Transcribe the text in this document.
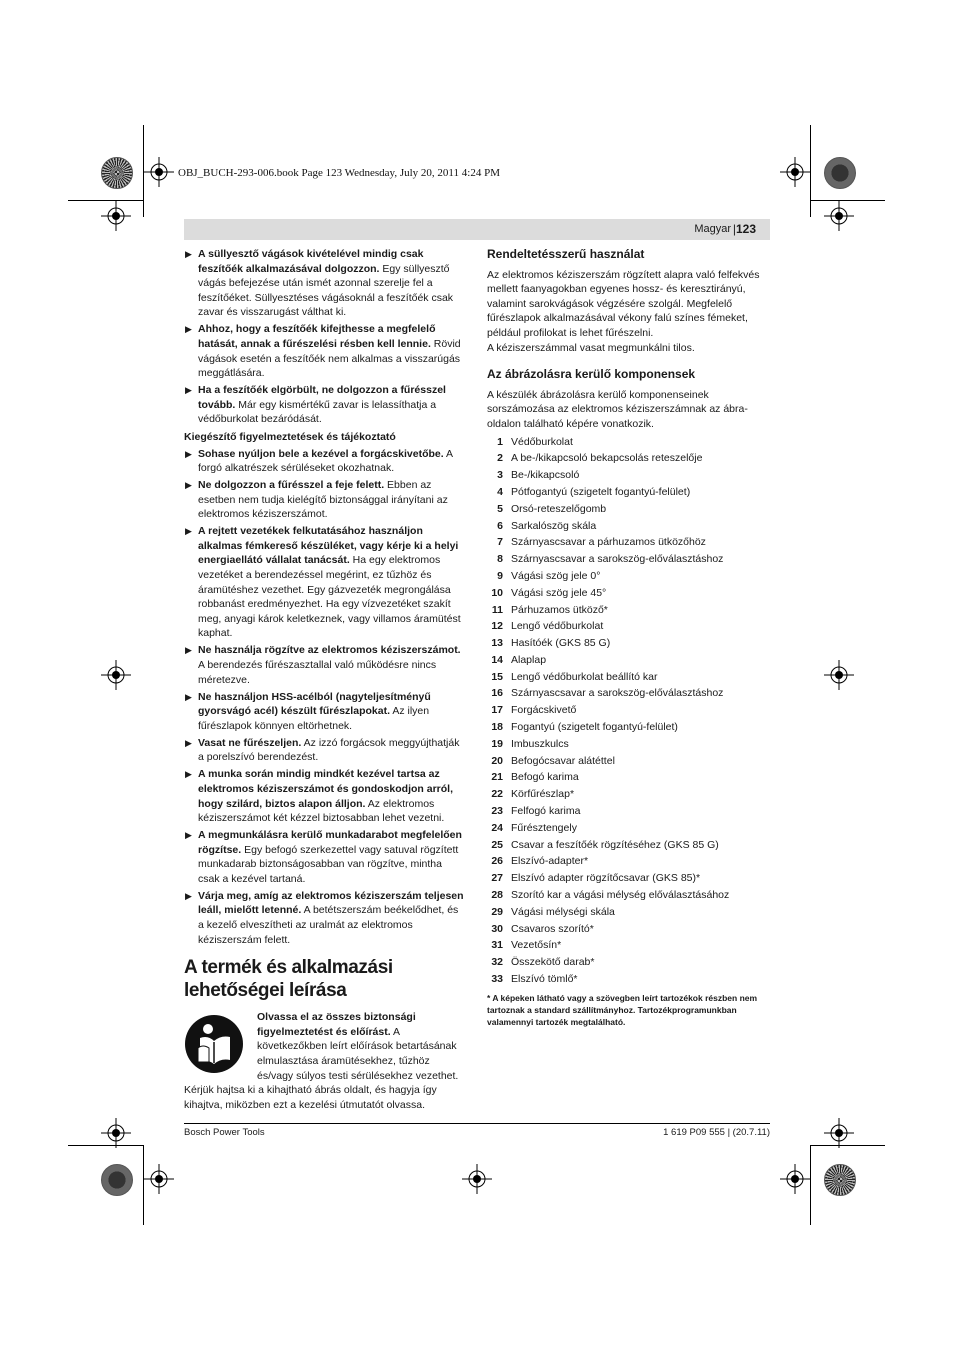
OBJ_BUCH-293-006.book Page 123 Wednesday, July 20, 2011 4:24 PM
Magyar | 123
▶ A süllyesztő vágások kivételével mindig csak feszítőék alkalmazásával dolgozzon. Egy süllyesztő vágás befejezése után ismét azonnal szerelje fel a feszítőéket. Süllyesztéses vágásoknál a feszítőék csak zavar és visszarugást válthat ki.
▶ Ahhoz, hogy a feszítőék kifejthesse a megfelelő hatását, annak a fűrészelési résben kell lennie. Rövid vágások esetén a feszítőék nem alkalmas a visszarúgás meggátlására.
▶ Ha a feszítőék elgörbült, ne dolgozzon a fűrésszel tovább. Már egy kismértékű zavar is lelassíthatja a védőburkolat bezáródását.
Kiegészítő figyelmeztetések és tájékoztató
▶ Sohase nyúljon bele a kezével a forgácskivetőbe. A forgó alkatrészek sérüléseket okozhatnak.
▶ Ne dolgozzon a fűrésszel a feje felett. Ebben az esetben nem tudja kielégítő biztonsággal irányítani az elektromos kéziszerszámot.
▶ A rejtett vezetékek felkutatásához használjon alkalmas fémkereső készüléket, vagy kérje ki a helyi energiaellátó vállalat tanácsát. Ha egy elektromos vezetéket a berendezéssel megérint, ez tűzhöz és áramütéshez vezethet. Egy gázvezeték megrongálása robbanást eredményezhet. Ha egy vízvezetéket szakít meg, anyagi károk keletkeznek, vagy villamos áramütést kaphat.
▶ Ne használja rögzítve az elektromos kéziszerszámot. A berendezés fűrészasztallal való működésre nincs méretezve.
▶ Ne használjon HSS-acélból (nagyteljesítményű gyorsvágó acél) készült fűrészlapokat. Az ilyen fűrészlapok könnyen eltörhetnek.
▶ Vasat ne fűrészeljen. Az izzó forgácsok meggyújthatják a porelszívó berendezést.
▶ A munka során mindig mindkét kezével tartsa az elektromos kéziszerszámot és gondoskodjon arról, hogy szilárd, biztos alapon álljon. Az elektromos kéziszerszámot két kézzel biztosabban lehet vezetni.
▶ A megmunkálásra kerülő munkadarabot megfelelően rögzítse. Egy befogó szerkezettel vagy satuval rögzített munkadarab biztonságosabban van rögzítve, mintha csak a kezével tartaná.
▶ Várja meg, amíg az elektromos kéziszerszám teljesen leáll, mielőtt letenné. A betétszerszám beékelődhet, és a kezelő elveszítheti az uralmát az elektromos kéziszerszám felett.
A termék és alkalmazási lehetőségei leírása
Olvassa el az összes biztonsági figyelmeztetést és előírást. A következőkben leírt előírások betartásának elmulasztása áramütésekhez, tűzhöz és/vagy súlyos testi sérülésekhez vezethet.
Kérjük hajtsa ki a kihajtható ábrás oldalt, és hagyja így kihajtva, miközben ezt a kezelési útmutatót olvassa.
Rendeltetésszerű használat
Az elektromos kéziszerszám rögzített alapra való felfekvés mellett faanyagokban egyenes hossz- és keresztirányú, valamint sarokvágások végzésére szolgál. Megfelelő fűrészlapok alkalmazásával vékony falú színes fémeket, például profilokat is lehet fűrészelni.
A kéziszerszámmal vasat megmunkálni tilos.
Az ábrázolásra kerülő komponensek
A készülék ábrázolásra kerülő komponenseinek sorszámozása az elektromos kéziszerszámnak az ábra-oldalon található képére vonatkozik.
1 Védőburkolat
2 A be-/kikapcsoló bekapcsolás reteszelője
3 Be-/kikapcsoló
4 Pótfogantyú (szigetelt fogantyú-felület)
5 Orsó-reteszelőgomb
6 Sarkalószög skála
7 Szárnyascsavar a párhuzamos ütközőhöz
8 Szárnyascsavar a sarokszög-előválasztáshoz
9 Vágási szög jele 0°
10 Vágási szög jele 45°
11 Párhuzamos ütköző*
12 Lengő védőburkolat
13 Hasítóék (GKS 85 G)
14 Alaplap
15 Lengő védőburkolat beállító kar
16 Szárnyascsavar a sarokszög-előválasztáshoz
17 Forgácskivető
18 Fogantyú (szigetelt fogantyú-felület)
19 Imbuszkulcs
20 Befogócsavar alátéttel
21 Befogó karima
22 Körfűrészlap*
23 Felfogó karima
24 Fűrésztengely
25 Csavar a feszítőék rögzítéséhez (GKS 85 G)
26 Elszívó-adapter*
27 Elszívó adapter rögzítőcsavar (GKS 85)*
28 Szorító kar a vágási mélység előválasztásához
29 Vágási mélységi skála
30 Csavaros szorító*
31 Vezetősín*
32 Összekötő darab*
33 Elszívó tömlő*
* A képeken látható vagy a szövegben leírt tartozékok részben nem tartoznak a standard szállítmányhoz. Tartozékprogramunkban valamennyi tartozék megtalálható.
Bosch Power Tools	1 619 P09 555 | (20.7.11)
